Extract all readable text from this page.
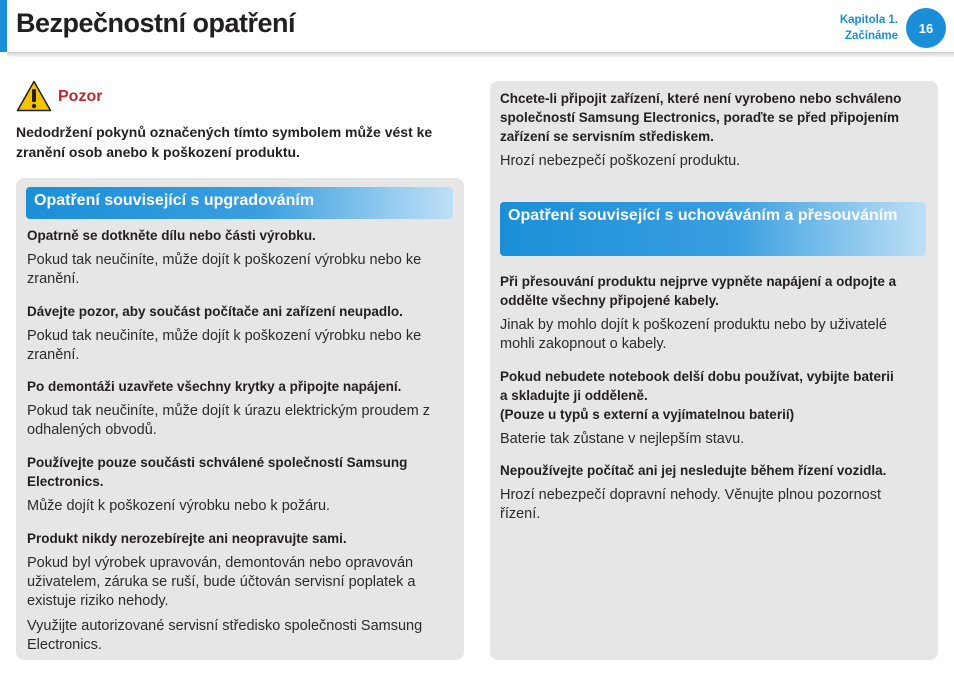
Bezpečnostní opatření	Kapitola 1.
Začínáme
16
Pozor
Nedodržení pokynů označených tímto symbolem může vést ke zranění osob anebo k poškození produktu.
Opatření související s upgradováním
Opatrně se dotkněte dílu nebo části výrobku.
Pokud tak neučiníte, může dojít k poškození výrobku nebo ke zranění.
Dávejte pozor, aby součást počítače ani zařízení neupadlo.
Pokud tak neučiníte, může dojít k poškození výrobku nebo ke zranění.
Po demontáži uzavřete všechny krytky a připojte napájení.
Pokud tak neučiníte, může dojít k úrazu elektrickým proudem z odhalených obvodů.
Používejte pouze součásti schválené společností Samsung Electronics.
Může dojít k poškození výrobku nebo k požáru.
Produkt nikdy nerozebírejte ani neopravujte sami.
Pokud byl výrobek upravován, demontován nebo opravován uživatelem, záruka se ruší, bude účtován servisní poplatek a existuje riziko nehody.
Využijte autorizované servisní středisko společnosti Samsung Electronics.
Chcete-li připojit zařízení, které není vyrobeno nebo schváleno společností Samsung Electronics, poraďte se před připojením zařízení se servisním střediskem.
Hrozí nebezpečí poškození produktu.
Opatření související s uchováváním a přesouváním
Při přesouvání produktu nejprve vypněte napájení a odpojte a oddělte všechny připojené kabely.
Jinak by mohlo dojít k poškození produktu nebo by uživatelé mohli zakopnout o kabely.
Pokud nebudete notebook delší dobu používat, vybijte baterii a skladujte ji odděleně.
(Pouze u typů s externí a vyjímatelnou baterií)
Baterie tak zůstane v nejlepším stavu.
Nepoužívejte počítač ani jej nesledujte během řízení vozidla.
Hrozí nebezpečí dopravní nehody. Věnujte plnou pozornost řízení.
